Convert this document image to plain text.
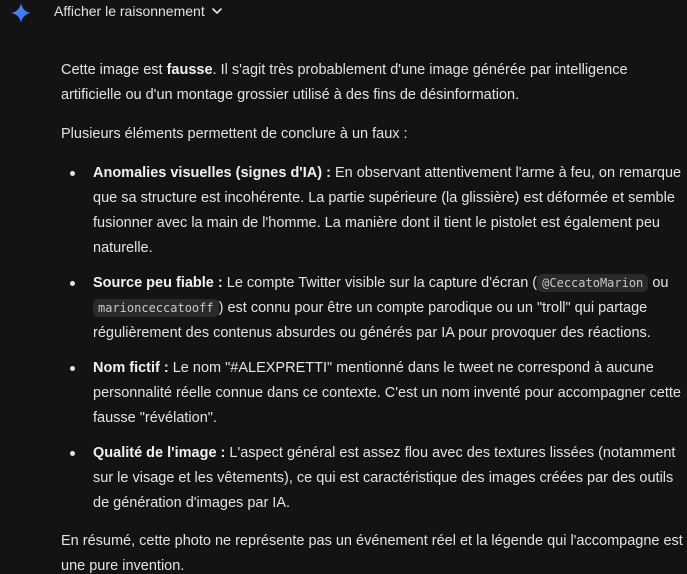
Afficher le raisonnement

Cette image est fausse. Il s'agit très probablement d'une image générée par intelligence artificielle ou d'un montage grossier utilisé à des fins de désinformation.

Plusieurs éléments permettent de conclure à un faux :

Anomalies visuelles (signes d'IA) : En observant attentivement l'arme à feu, on remarque que sa structure est incohérente. La partie supérieure (la glissière) est déformée et semble fusionner avec la main de l'homme. La manière dont il tient le pistolet est également peu naturelle.
Source peu fiable : Le compte Twitter visible sur la capture d'écran ( @CeccatoMarion ou marionceccatooff ) est connu pour être un compte parodique ou un "troll" qui partage régulièrement des contenus absurdes ou générés par IA pour provoquer des réactions.
Nom fictif : Le nom "#ALEXPRETTI" mentionné dans le tweet ne correspond à aucune personnalité réelle connue dans ce contexte. C'est un nom inventé pour accompagner cette fausse "révélation".
Qualité de l'image : L'aspect général est assez flou avec des textures lissées (notamment sur le visage et les vêtements), ce qui est caractéristique des images créées par des outils de génération d'images par IA.

En résumé, cette photo ne représente pas un événement réel et la légende qui l'accompagne est une pure invention.
